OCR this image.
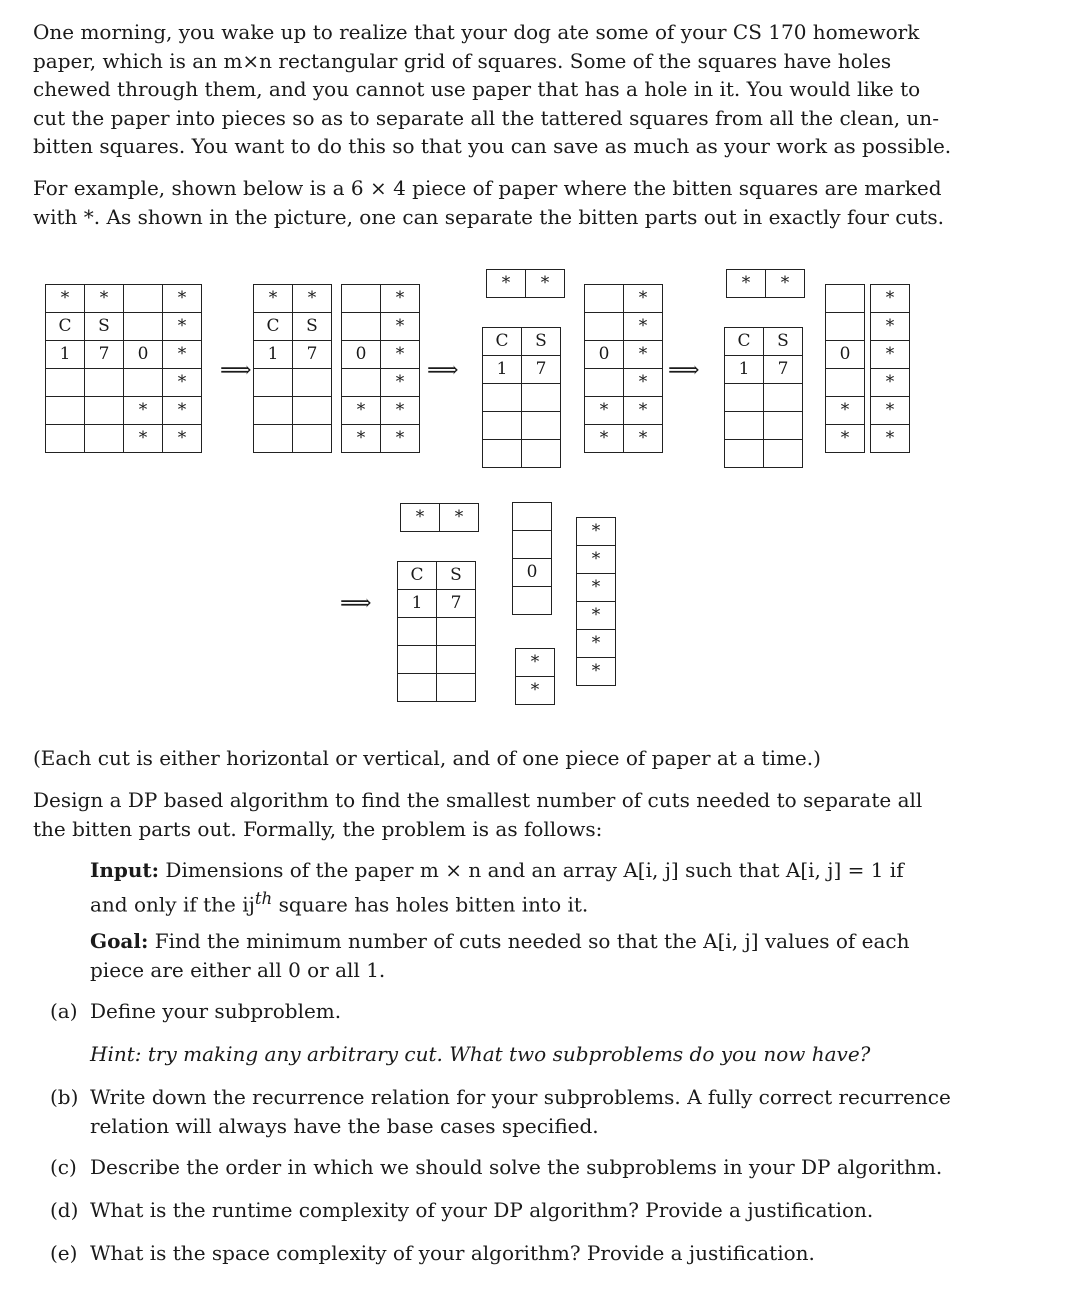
One morning, you wake up to realize that your dog ate some of your CS 170 homework paper, which is an m×n rectangular grid of squares. Some of the squares have holes chewed through them, and you cannot use paper that has a hole in it. You would like to cut the paper into pieces so as to separate all the tattered squares from all the clean, un-bitten squares. You want to do this so that you can save as much as your work as possible.

For example, shown below is a 6 × 4 piece of paper where the bitten squares are marked with *. As shown in the picture, one can separate the bitten parts out in exactly four cuts.

*	*		*
C	S		*
1	7	0	*
			*
		*	*
		*	*
⟹
*	*
C	S
1	7

	*
	*
0	*
	*
*	*
*	*
⟹
*	*
C	S
1	7

	*
	*
0	*
	*
*	*
*	*
⟹
*	*
C	S
1	7

0

*
*
*
*
*
*
*
*
⟹
*	*
C	S
1	7

0

*
*
*
*
*
*
*
*

(Each cut is either horizontal or vertical, and of one piece of paper at a time.)

Design a DP based algorithm to find the smallest number of cuts needed to separate all the bitten parts out. Formally, the problem is as follows:

Input: Dimensions of the paper m × n and an array A[i, j] such that A[i, j] = 1 if and only if the $ij^{th}$ square has holes bitten into it.

Goal: Find the minimum number of cuts needed so that the A[i, j] values of each piece are either all 0 or all 1.

(a) Define your subproblem.

Hint: try making any arbitrary cut. What two subproblems do you now have?

(b) Write down the recurrence relation for your subproblems. A fully correct recurrence relation will always have the base cases specified.

(c) Describe the order in which we should solve the subproblems in your DP algorithm.

(d) What is the runtime complexity of your DP algorithm? Provide a justification.

(e) What is the space complexity of your algorithm? Provide a justification.
